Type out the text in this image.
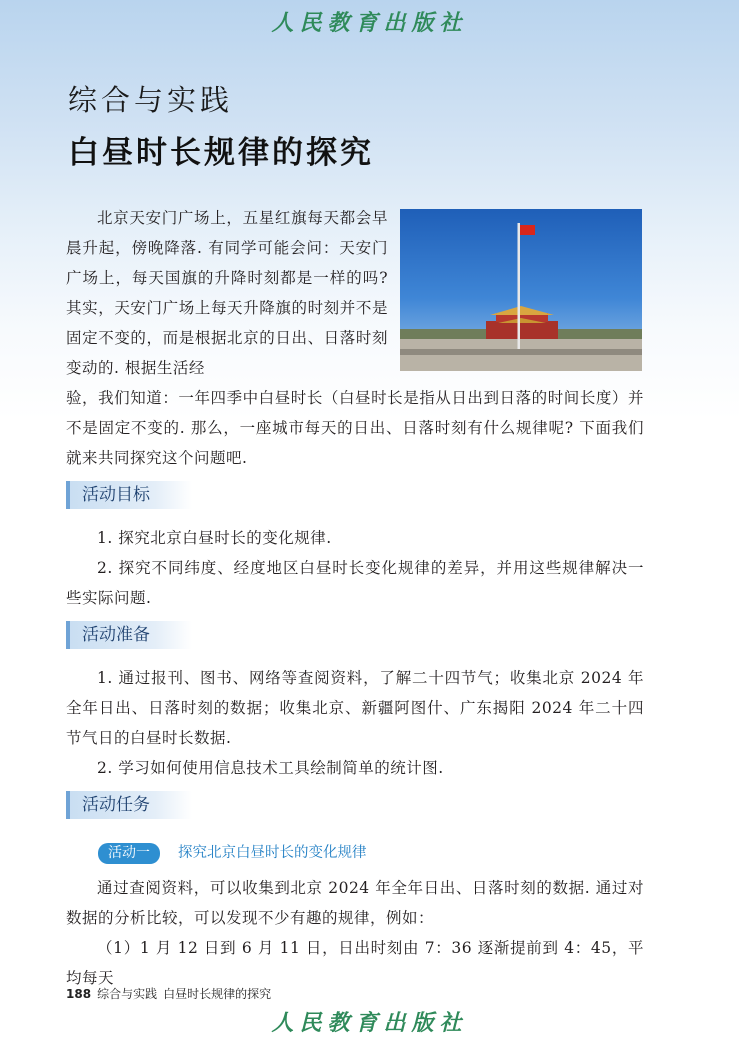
人民教育出版社
综合与实践
白昼时长规律的探究
北京天安门广场上，五星红旗每天都会早晨升起，傍晚降落. 有同学可能会问：天安门广场上，每天国旗的升降时刻都是一样的吗? 其实，天安门广场上每天升降旗的时刻并不是固定不变的，而是根据北京的日出、日落时刻变动的. 根据生活经
验，我们知道：一年四季中白昼时长（白昼时长是指从日出到日落的时间长度）并不是固定不变的. 那么，一座城市每天的日出、日落时刻有什么规律呢? 下面我们就来共同探究这个问题吧.
活动目标
1. 探究北京白昼时长的变化规律.
2. 探究不同纬度、经度地区白昼时长变化规律的差异，并用这些规律解决一些实际问题.
活动准备
1. 通过报刊、图书、网络等查阅资料，了解二十四节气；收集北京 2024 年全年日出、日落时刻的数据；收集北京、新疆阿图什、广东揭阳 2024 年二十四节气日的白昼时长数据.
2. 学习如何使用信息技术工具绘制简单的统计图.
活动任务
活动一	探究北京白昼时长的变化规律
通过查阅资料，可以收集到北京 2024 年全年日出、日落时刻的数据. 通过对数据的分析比较，可以发现不少有趣的规律，例如：
（1）1 月 12 日到 6 月 11 日，日出时刻由 7：36 逐渐提前到 4：45，平均每天
188 综合与实践 白昼时长规律的探究
人民教育出版社
